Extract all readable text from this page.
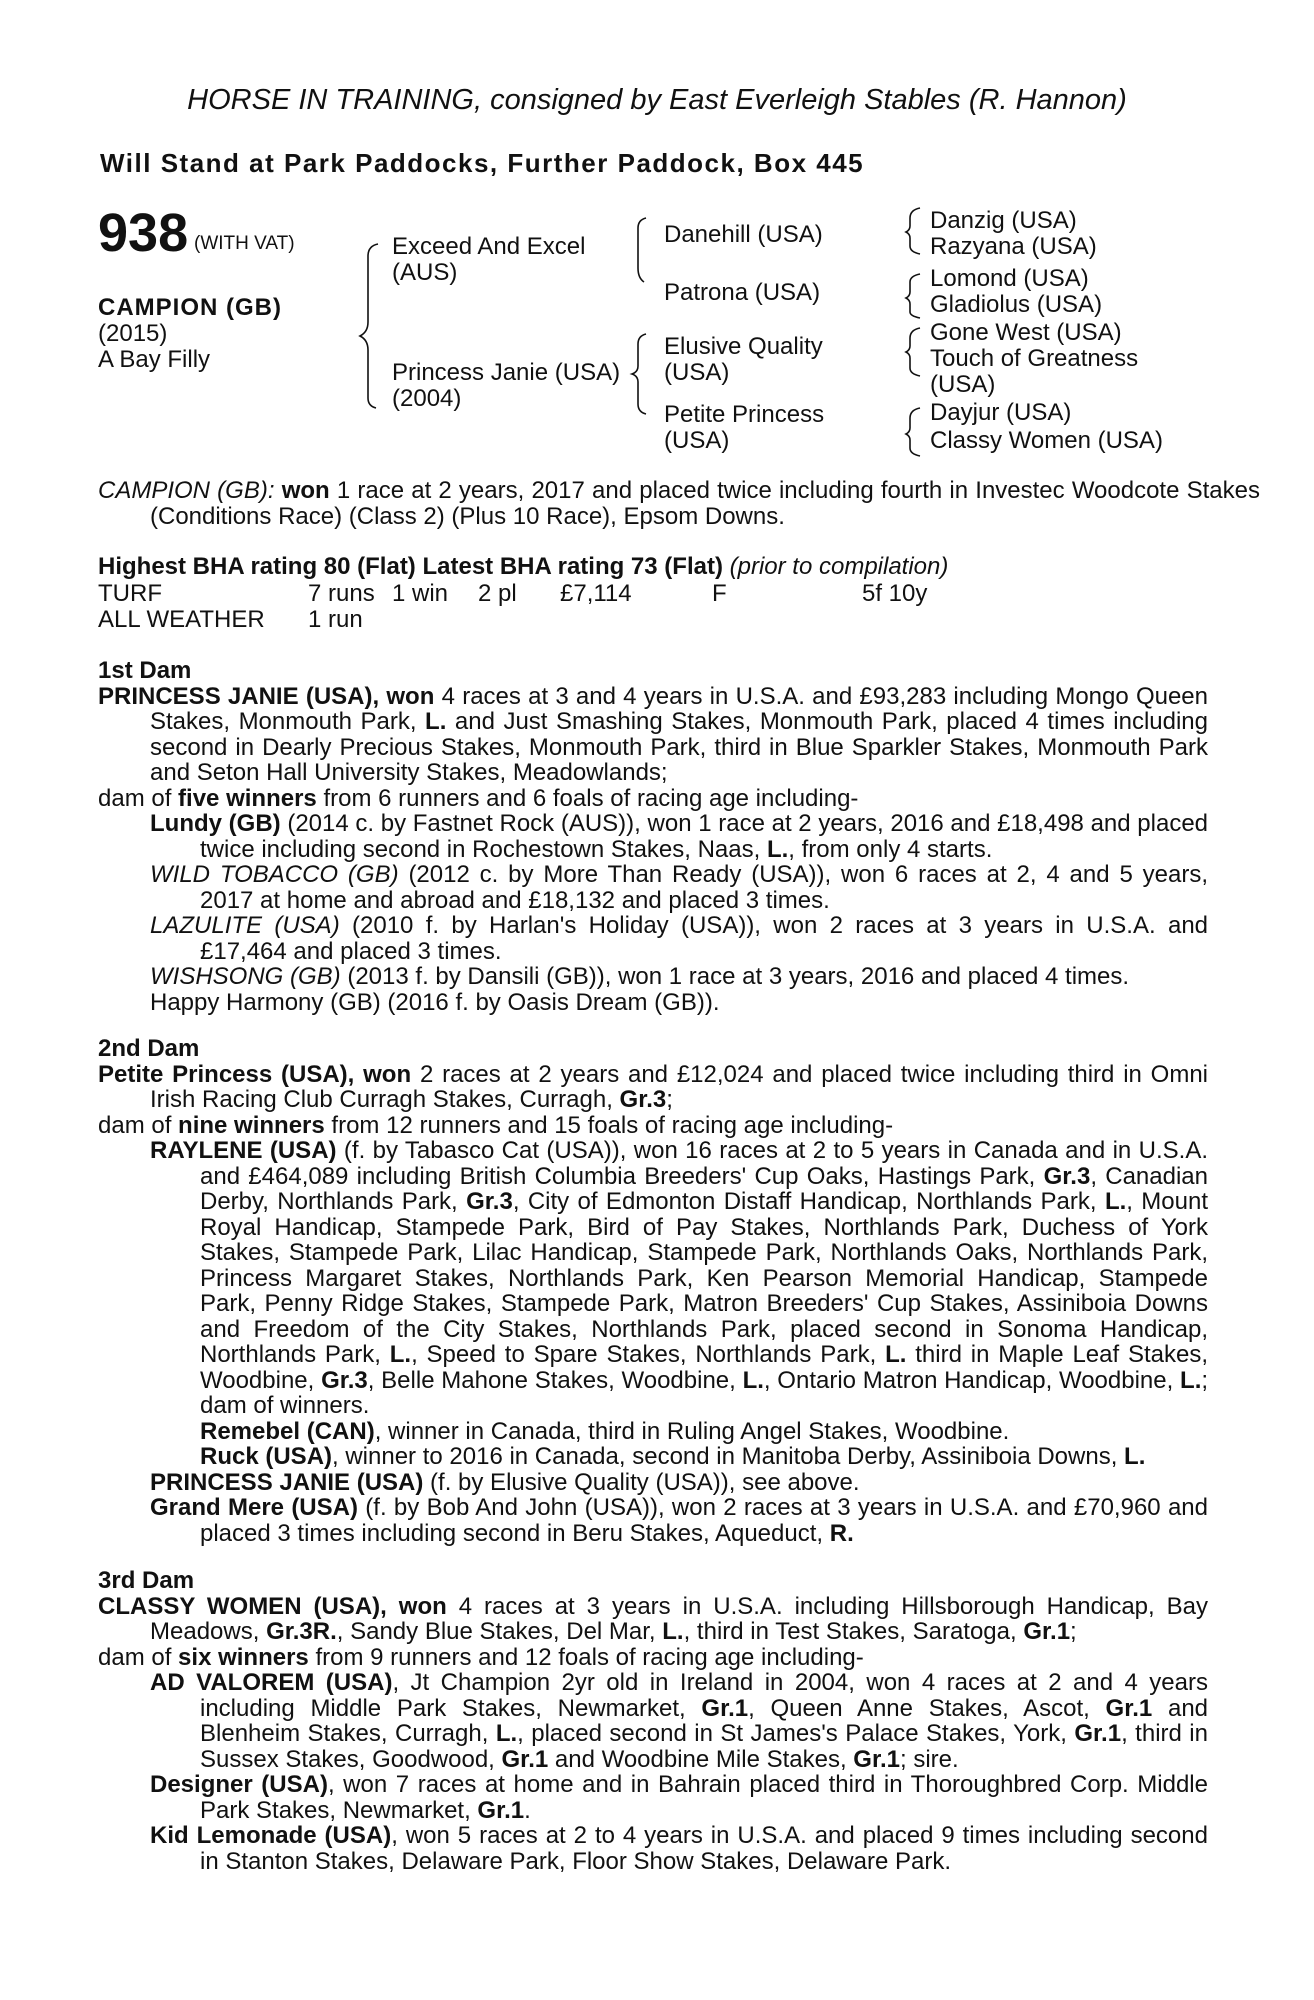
HORSE IN TRAINING, consigned by East Everleigh Stables (R. Hannon)
Will Stand at Park Paddocks, Further Paddock, Box 445
938 (WITH VAT)
CAMPION (GB)
(2015)
A Bay Filly
Exceed And Excel (AUS)
Princess Janie (USA) (2004)
Danehill (USA)
Patrona (USA)
Elusive Quality (USA)
Petite Princess (USA)
Danzig (USA)
Razyana (USA)
Lomond (USA)
Gladiolus (USA)
Gone West (USA)
Touch of Greatness (USA)
Dayjur (USA)
Classy Women (USA)
CAMPION (GB): won 1 race at 2 years, 2017 and placed twice including fourth in Investec Woodcote Stakes (Conditions Race) (Class 2) (Plus 10 Race), Epsom Downs.
Highest BHA rating 80 (Flat) Latest BHA rating 73 (Flat) (prior to compilation)
TURF	7 runs 1 win 2 pl £7,114	F	5f 10y
ALL WEATHER 1 run
1st Dam
PRINCESS JANIE (USA), won 4 races at 3 and 4 years in U.S.A. and £93,283 including Mongo Queen Stakes, Monmouth Park, L. and Just Smashing Stakes, Monmouth Park, placed 4 times including second in Dearly Precious Stakes, Monmouth Park, third in Blue Sparkler Stakes, Monmouth Park and Seton Hall University Stakes, Meadowlands;
dam of five winners from 6 runners and 6 foals of racing age including-
Lundy (GB) (2014 c. by Fastnet Rock (AUS)), won 1 race at 2 years, 2016 and £18,498 and placed twice including second in Rochestown Stakes, Naas, L., from only 4 starts.
WILD TOBACCO (GB) (2012 c. by More Than Ready (USA)), won 6 races at 2, 4 and 5 years, 2017 at home and abroad and £18,132 and placed 3 times.
LAZULITE (USA) (2010 f. by Harlan's Holiday (USA)), won 2 races at 3 years in U.S.A. and £17,464 and placed 3 times.
WISHSONG (GB) (2013 f. by Dansili (GB)), won 1 race at 3 years, 2016 and placed 4 times.
Happy Harmony (GB) (2016 f. by Oasis Dream (GB)).
2nd Dam
Petite Princess (USA), won 2 races at 2 years and £12,024 and placed twice including third in Omni Irish Racing Club Curragh Stakes, Curragh, Gr.3;
dam of nine winners from 12 runners and 15 foals of racing age including-
RAYLENE (USA) (f. by Tabasco Cat (USA)), won 16 races at 2 to 5 years in Canada and in U.S.A. and £464,089 including British Columbia Breeders' Cup Oaks, Hastings Park, Gr.3, Canadian Derby, Northlands Park, Gr.3, City of Edmonton Distaff Handicap, Northlands Park, L., Mount Royal Handicap, Stampede Park, Bird of Pay Stakes, Northlands Park, Duchess of York Stakes, Stampede Park, Lilac Handicap, Stampede Park, Northlands Oaks, Northlands Park, Princess Margaret Stakes, Northlands Park, Ken Pearson Memorial Handicap, Stampede Park, Penny Ridge Stakes, Stampede Park, Matron Breeders' Cup Stakes, Assiniboia Downs and Freedom of the City Stakes, Northlands Park, placed second in Sonoma Handicap, Northlands Park, L., Speed to Spare Stakes, Northlands Park, L. third in Maple Leaf Stakes, Woodbine, Gr.3, Belle Mahone Stakes, Woodbine, L., Ontario Matron Handicap, Woodbine, L.; dam of winners.
Remebel (CAN), winner in Canada, third in Ruling Angel Stakes, Woodbine.
Ruck (USA), winner to 2016 in Canada, second in Manitoba Derby, Assiniboia Downs, L.
PRINCESS JANIE (USA) (f. by Elusive Quality (USA)), see above.
Grand Mere (USA) (f. by Bob And John (USA)), won 2 races at 3 years in U.S.A. and £70,960 and placed 3 times including second in Beru Stakes, Aqueduct, R.
3rd Dam
CLASSY WOMEN (USA), won 4 races at 3 years in U.S.A. including Hillsborough Handicap, Bay Meadows, Gr.3R., Sandy Blue Stakes, Del Mar, L., third in Test Stakes, Saratoga, Gr.1;
dam of six winners from 9 runners and 12 foals of racing age including-
AD VALOREM (USA), Jt Champion 2yr old in Ireland in 2004, won 4 races at 2 and 4 years including Middle Park Stakes, Newmarket, Gr.1, Queen Anne Stakes, Ascot, Gr.1 and Blenheim Stakes, Curragh, L., placed second in St James's Palace Stakes, York, Gr.1, third in Sussex Stakes, Goodwood, Gr.1 and Woodbine Mile Stakes, Gr.1; sire.
Designer (USA), won 7 races at home and in Bahrain placed third in Thoroughbred Corp. Middle Park Stakes, Newmarket, Gr.1.
Kid Lemonade (USA), won 5 races at 2 to 4 years in U.S.A. and placed 9 times including second in Stanton Stakes, Delaware Park, Floor Show Stakes, Delaware Park.
